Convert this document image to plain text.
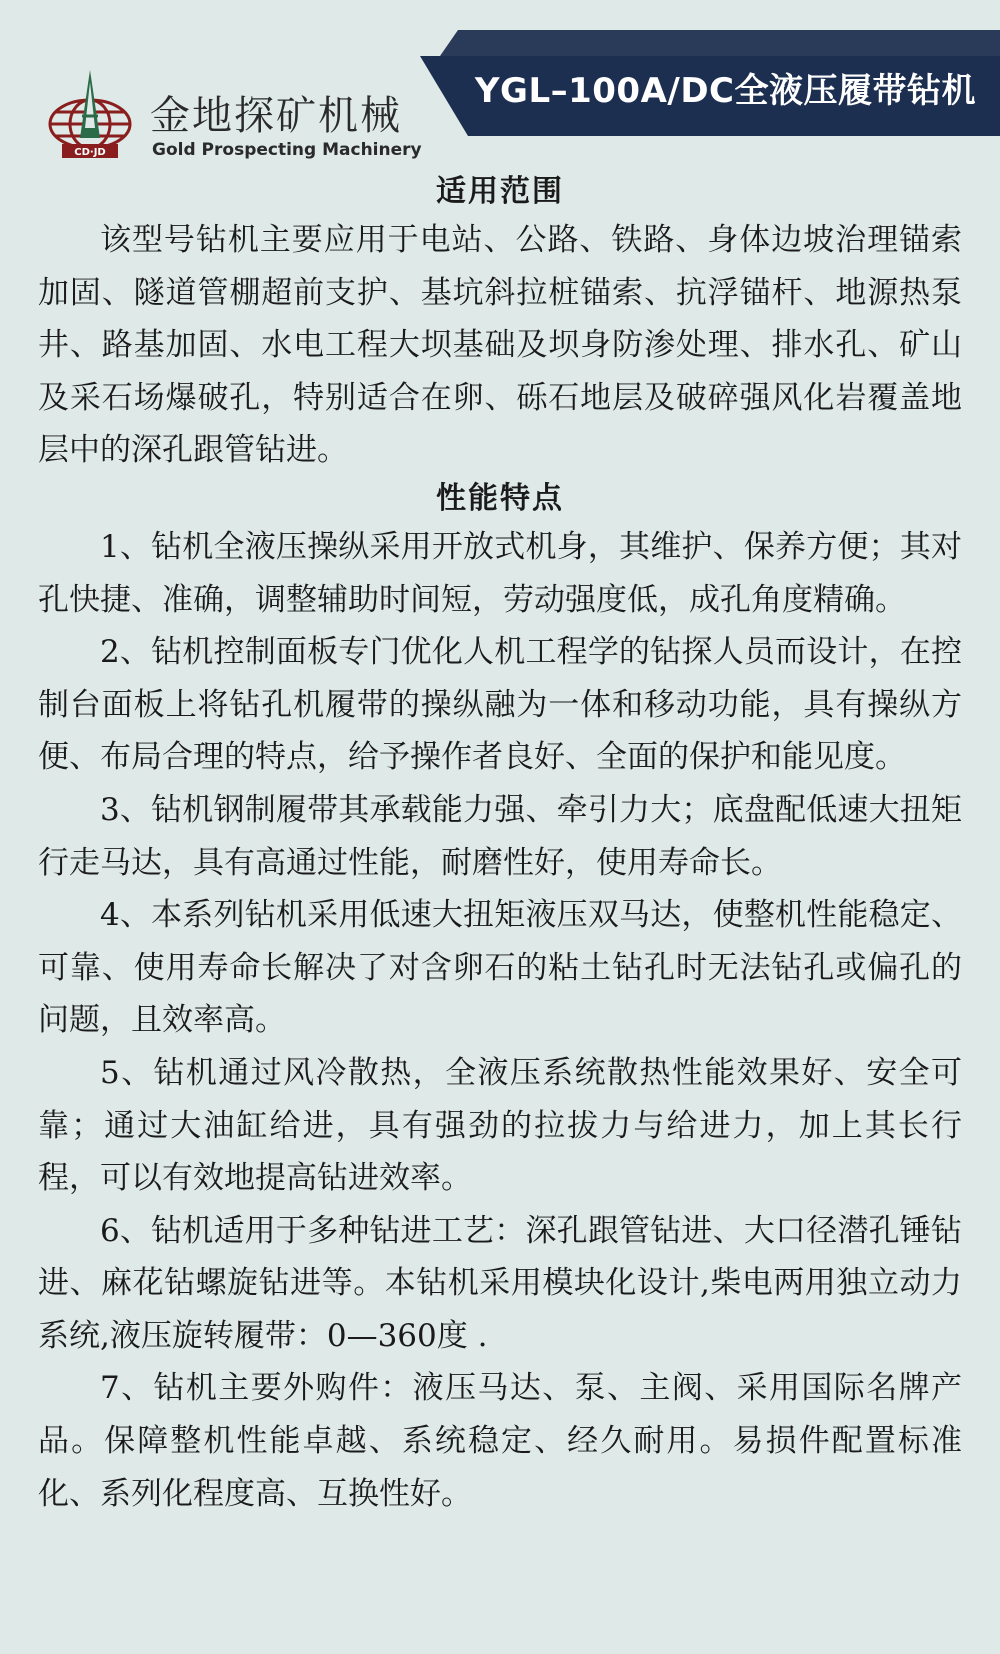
YGL–100A/DC全液压履带钻机
CD·JD
金地探矿机械
Gold Prospecting Machinery
适用范围

该型号钻机主要应用于电站、公路、铁路、身体边坡治理锚索加固、隧道管棚超前支护、基坑斜拉桩锚索、抗浮锚杆、地源热泵井、路基加固、水电工程大坝基础及坝身防渗处理、排水孔、矿山及采石场爆破孔，特别适合在卵、砾石地层及破碎强风化岩覆盖地层中的深孔跟管钻进。

性能特点

1、钻机全液压操纵采用开放式机身，其维护、保养方便；其对孔快捷、准确，调整辅助时间短，劳动强度低，成孔角度精确。

2、钻机控制面板专门优化人机工程学的钻探人员而设计，在控制台面板上将钻孔机履带的操纵融为一体和移动功能，具有操纵方便、布局合理的特点，给予操作者良好、全面的保护和能见度。

3、钻机钢制履带其承载能力强、牵引力大；底盘配低速大扭矩行走马达，具有高通过性能，耐磨性好，使用寿命长。

4、本系列钻机采用低速大扭矩液压双马达，使整机性能稳定、可靠、使用寿命长解决了对含卵石的粘土钻孔时无法钻孔或偏孔的问题，且效率高。

5、钻机通过风冷散热，全液压系统散热性能效果好、安全可靠；通过大油缸给进，具有强劲的拉拔力与给进力，加上其长行程，可以有效地提高钻进效率。

6、钻机适用于多种钻进工艺：深孔跟管钻进、大口径潜孔锤钻进、麻花钻螺旋钻进等。本钻机采用模块化设计,柴电两用独立动力系统,液压旋转履带：0—360度 .

7、钻机主要外购件：液压马达、泵、主阀、采用国际名牌产品。保障整机性能卓越、系统稳定、经久耐用。易损件配置标准化、系列化程度高、互换性好。
